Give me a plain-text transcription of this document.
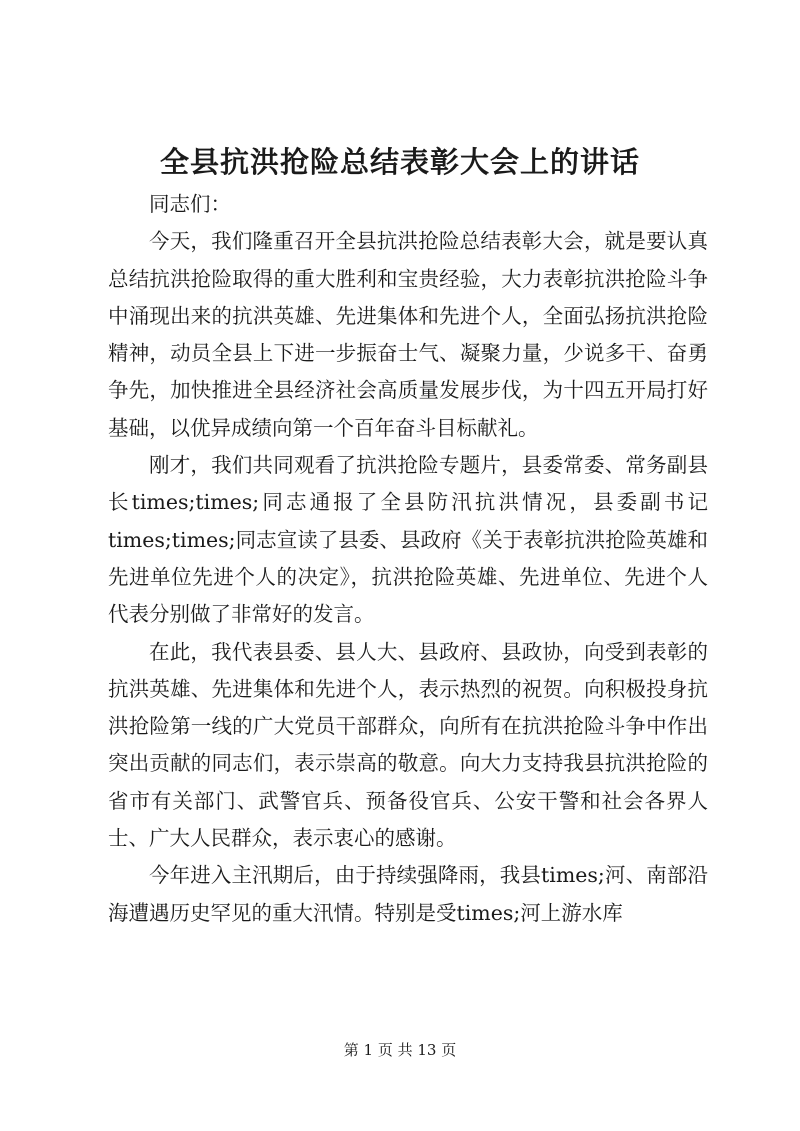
全县抗洪抢险总结表彰大会上的讲话

同志们：

今天，我们隆重召开全县抗洪抢险总结表彰大会，就是要认真总结抗洪抢险取得的重大胜利和宝贵经验，大力表彰抗洪抢险斗争中涌现出来的抗洪英雄、先进集体和先进个人，全面弘扬抗洪抢险精神，动员全县上下进一步振奋士气、凝聚力量，少说多干、奋勇争先，加快推进全县经济社会高质量发展步伐，为十四五开局打好基础，以优异成绩向第一个百年奋斗目标献礼。

刚才，我们共同观看了抗洪抢险专题片，县委常委、常务副县长times;times;同志通报了全县防汛抗洪情况，县委副书记times;times;同志宣读了县委、县政府《关于表彰抗洪抢险英雄和先进单位先进个人的决定》，抗洪抢险英雄、先进单位、先进个人代表分别做了非常好的发言。

在此，我代表县委、县人大、县政府、县政协，向受到表彰的抗洪英雄、先进集体和先进个人，表示热烈的祝贺。向积极投身抗洪抢险第一线的广大党员干部群众，向所有在抗洪抢险斗争中作出突出贡献的同志们，表示崇高的敬意。向大力支持我县抗洪抢险的省市有关部门、武警官兵、预备役官兵、公安干警和社会各界人士、广大人民群众，表示衷心的感谢。

今年进入主汛期后，由于持续强降雨，我县times;河、南部沿海遭遇历史罕见的重大汛情。特别是受times;河上游水库

第 1 页 共 13 页
